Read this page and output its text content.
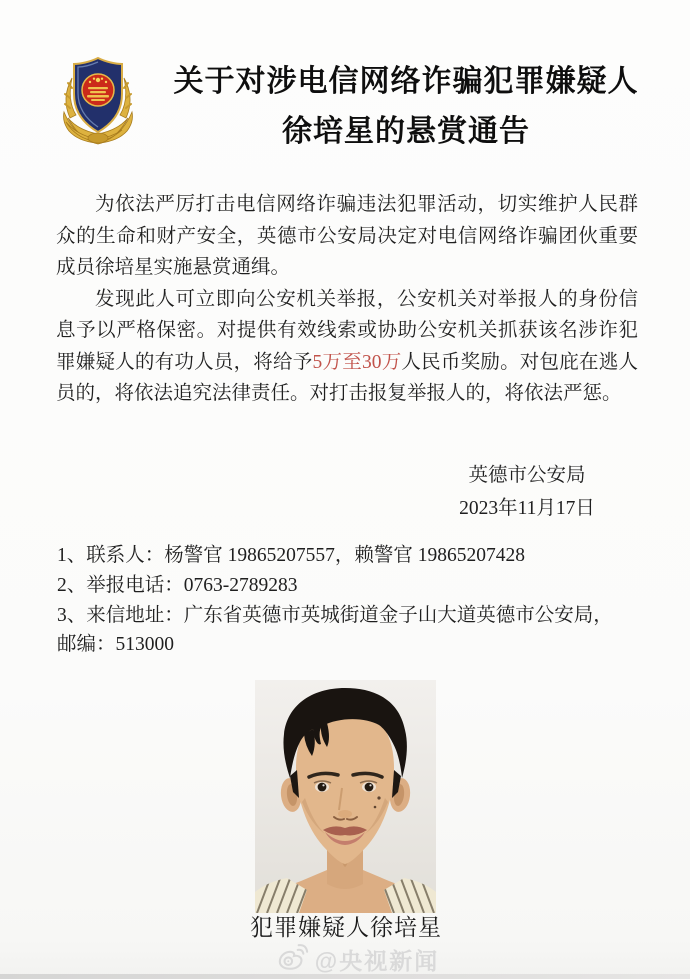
关于对涉电信网络诈骗犯罪嫌疑人
徐培星的悬赏通告

为依法严厉打击电信网络诈骗违法犯罪活动，切实维护人民群众的生命和财产安全，英德市公安局决定对电信网络诈骗团伙重要成员徐培星实施悬赏通缉。

发现此人可立即向公安机关举报，公安机关对举报人的身份信息予以严格保密。对提供有效线索或协助公安机关抓获该名涉诈犯罪嫌疑人的有功人员，将给予5万至30万人民币奖励。对包庇在逃人员的，将依法追究法律责任。对打击报复举报人的，将依法严惩。

英德市公安局
2023年11月17日
1、联系人：杨警官 19865207557，赖警官 19865207428
2、举报电话：0763-2789283
3、来信地址：广东省英德市英城街道金子山大道英德市公安局，
邮编：513000
犯罪嫌疑人徐培星
@央视新闻
